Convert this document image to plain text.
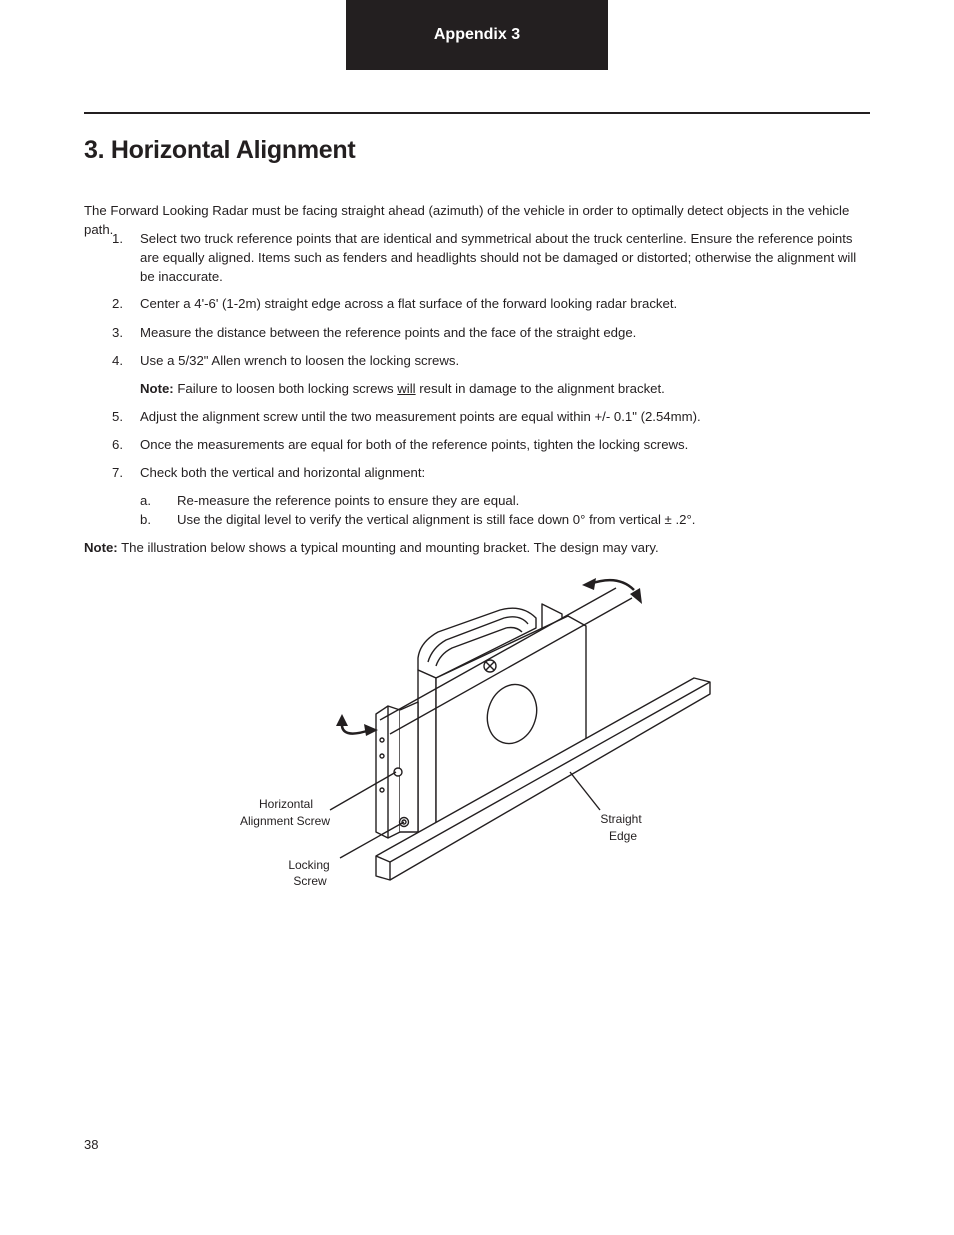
Appendix 3
3. Horizontal Alignment
The Forward Looking Radar must be facing straight ahead (azimuth) of the vehicle in order to optimally detect objects in the vehicle path.
1. Select two truck reference points that are identical and symmetrical about the truck centerline. Ensure the reference points are equally aligned. Items such as fenders and headlights should not be damaged or distorted; otherwise the alignment will be inaccurate.
2. Center a 4'-6' (1-2m) straight edge across a flat surface of the forward looking radar bracket.
3. Measure the distance between the reference points and the face of the straight edge.
4. Use a 5/32" Allen wrench to loosen the locking screws.
Note: Failure to loosen both locking screws will result in damage to the alignment bracket.
5. Adjust the alignment screw until the two measurement points are equal within +/- 0.1" (2.54mm).
6. Once the measurements are equal for both of the reference points, tighten the locking screws.
7. Check both the vertical and horizontal alignment:
a. Re-measure the reference points to ensure they are equal.
b. Use the digital level to verify the vertical alignment is still face down 0° from vertical ± .2°.
Note: The illustration below shows a typical mounting and mounting bracket. The design may vary.
Horizontal
Alignment Screw
Locking
Screw
Straight
Edge
38
